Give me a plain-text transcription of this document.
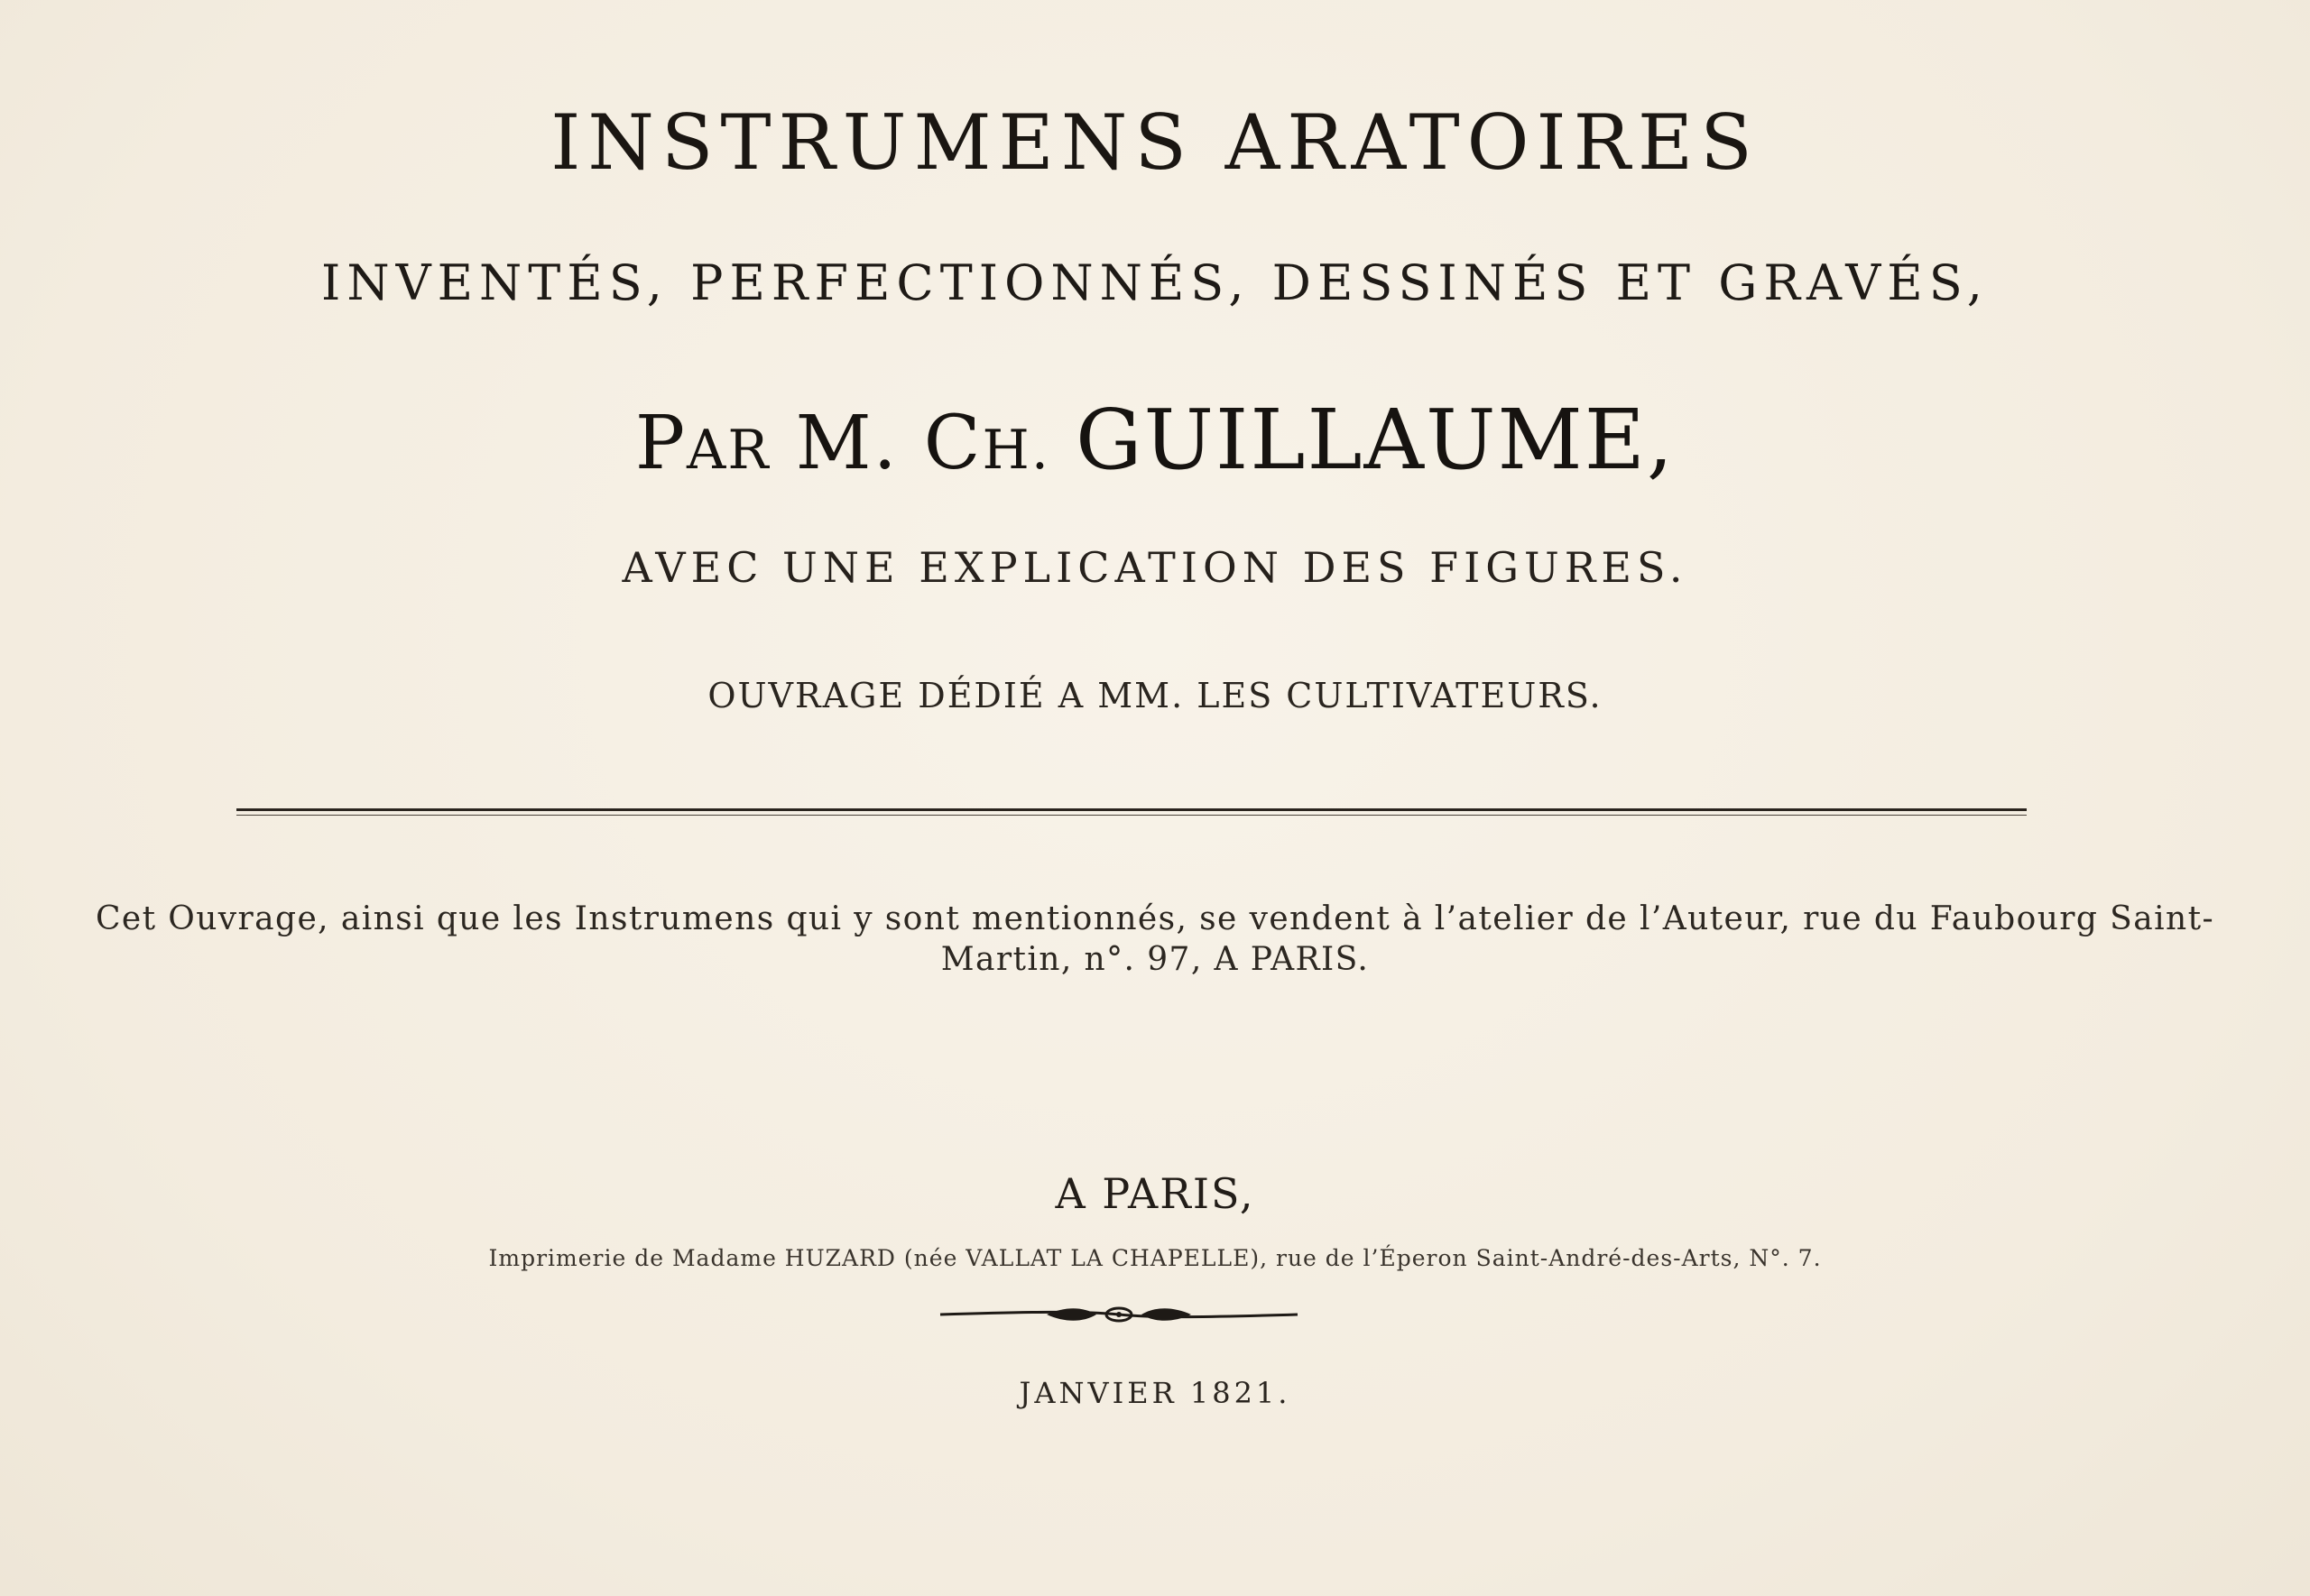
INSTRUMENS ARATOIRES
INVENTÉS, PERFECTIONNÉS, DESSINÉS ET GRAVÉS,
PAR M. CH. GUILLAUME,
AVEC UNE EXPLICATION DES FIGURES.
OUVRAGE DÉDIÉ A MM. LES CULTIVATEURS.
Cet Ouvrage, ainsi que les Instrumens qui y sont mentionnés, se vendent à l’atelier de l’Auteur, rue du Faubourg Saint-
Martin, n°. 97, A PARIS.
A PARIS,
Imprimerie de Madame HUZARD (née VALLAT LA CHAPELLE), rue de l’Éperon Saint-André-des-Arts, N°. 7.
JANVIER 1821.
